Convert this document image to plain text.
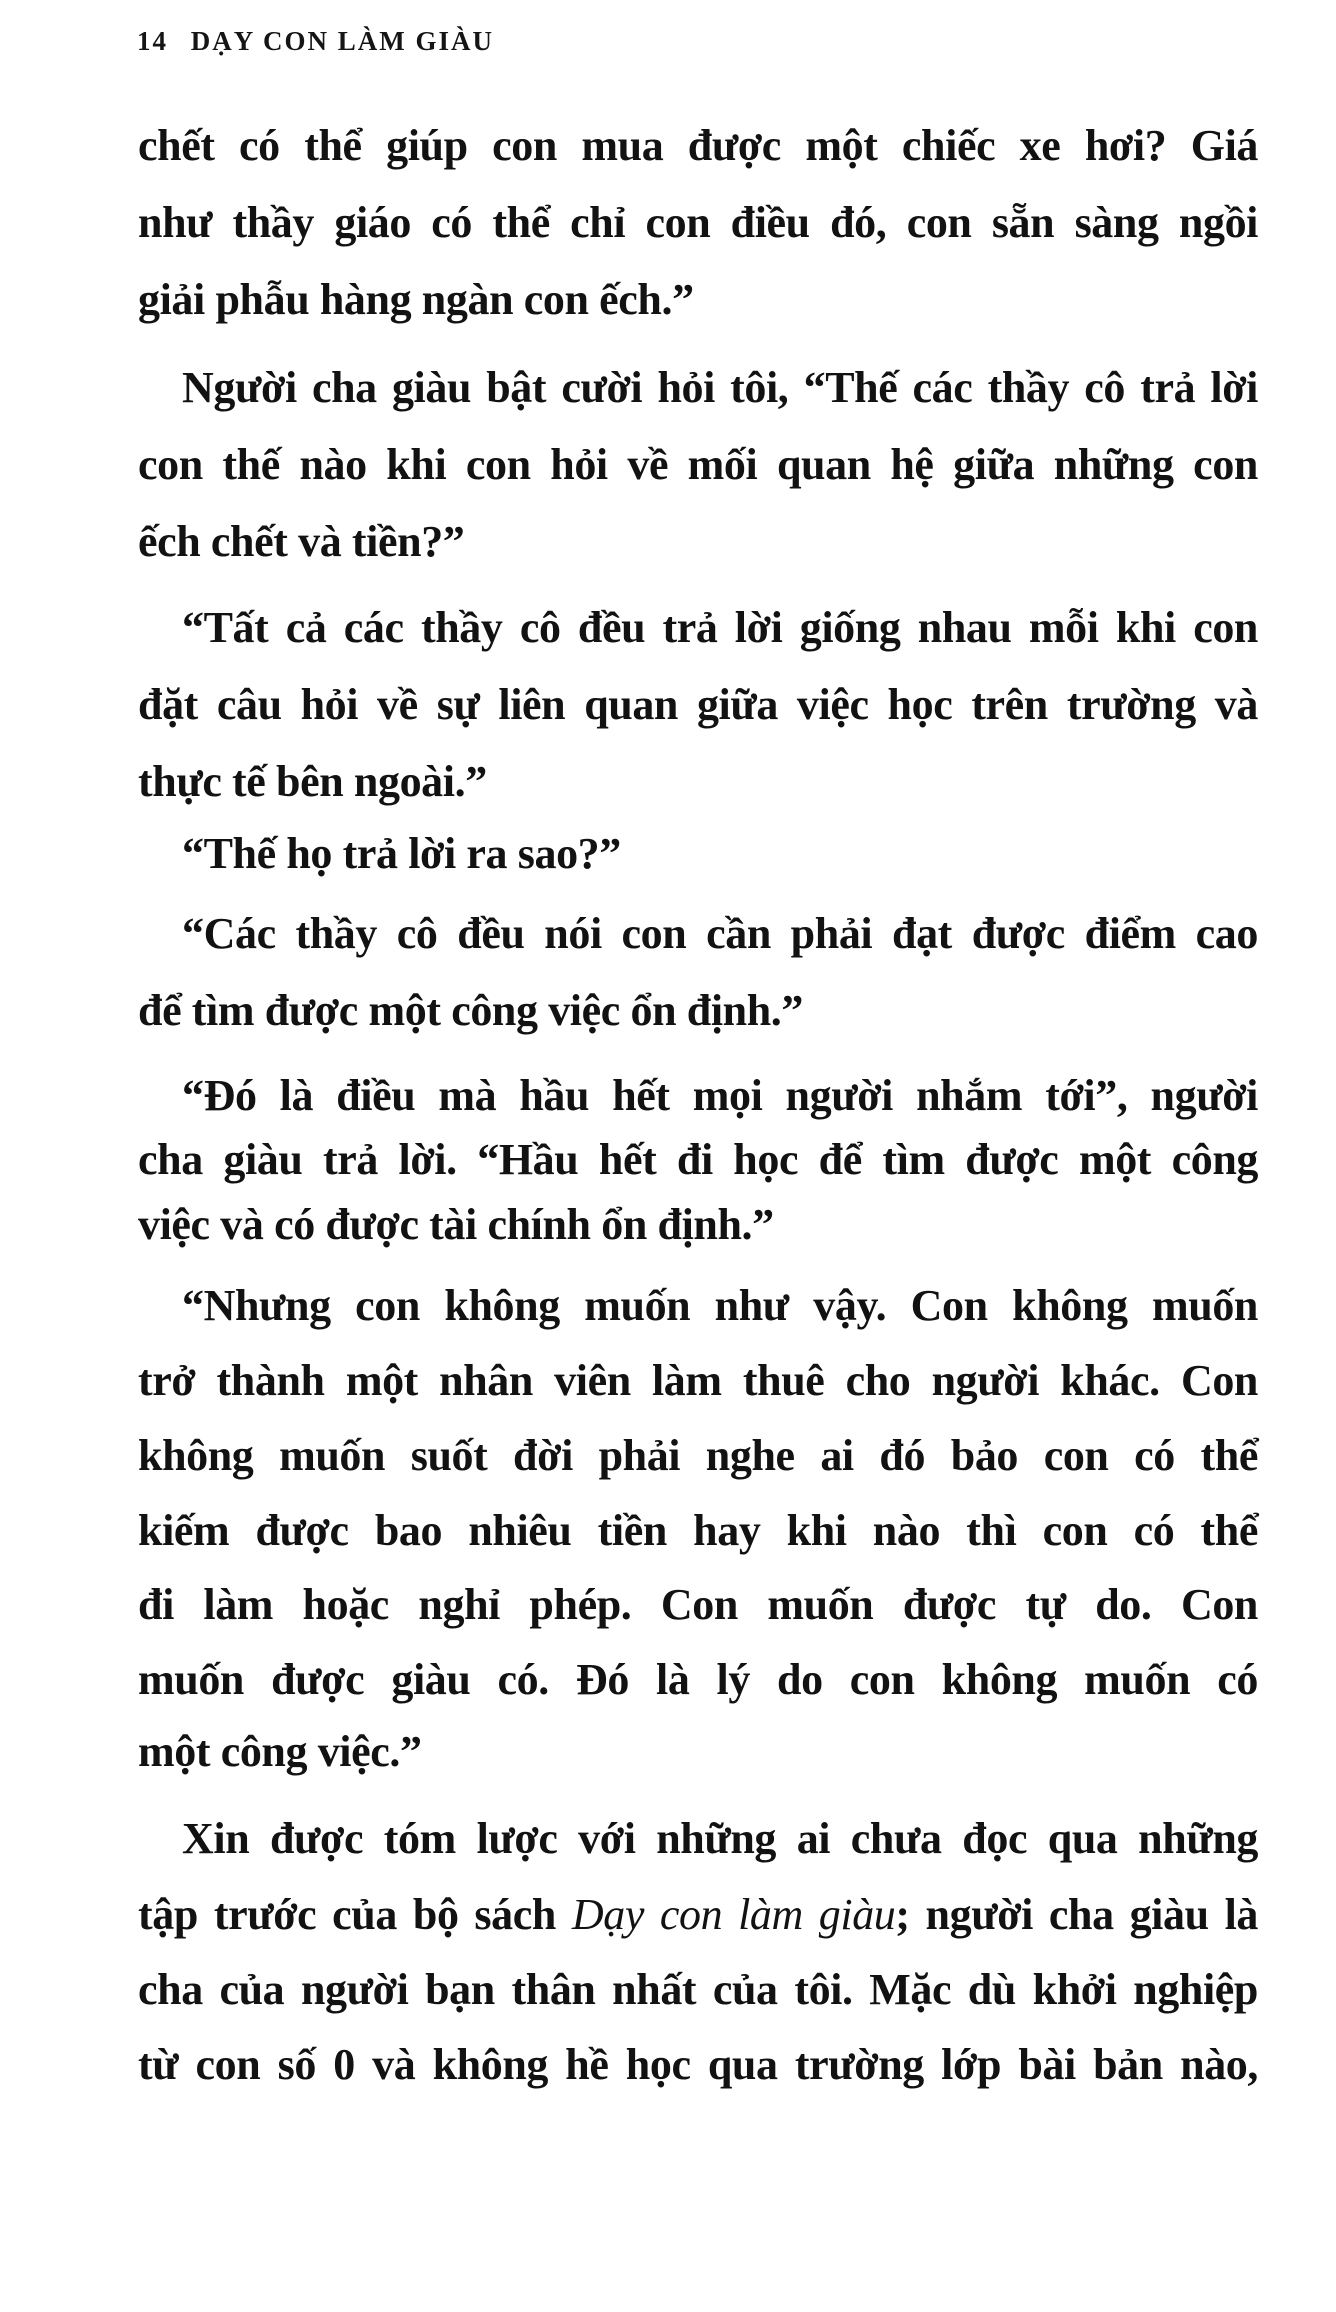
14 DẠY CON LÀM GIÀU
chết có thể giúp con mua được một chiếc xe hơi? Giá
như thầy giáo có thể chỉ con điều đó, con sẵn sàng ngồi
giải phẫu hàng ngàn con ếch.”
Người cha giàu bật cười hỏi tôi, “Thế các thầy cô trả lời
con thế nào khi con hỏi về mối quan hệ giữa những con
ếch chết và tiền?”
“Tất cả các thầy cô đều trả lời giống nhau mỗi khi con
đặt câu hỏi về sự liên quan giữa việc học trên trường và
thực tế bên ngoài.”
“Thế họ trả lời ra sao?”
“Các thầy cô đều nói con cần phải đạt được điểm cao
để tìm được một công việc ổn định.”
“Đó là điều mà hầu hết mọi người nhắm tới”, người
cha giàu trả lời. “Hầu hết đi học để tìm được một công
việc và có được tài chính ổn định.”
“Nhưng con không muốn như vậy. Con không muốn
trở thành một nhân viên làm thuê cho người khác. Con
không muốn suốt đời phải nghe ai đó bảo con có thể
kiếm được bao nhiêu tiền hay khi nào thì con có thể
đi làm hoặc nghỉ phép. Con muốn được tự do. Con
muốn được giàu có. Đó là lý do con không muốn có
một công việc.”
Xin được tóm lược với những ai chưa đọc qua những
tập trước của bộ sách Dạy con làm giàu; người cha giàu là
cha của người bạn thân nhất của tôi. Mặc dù khởi nghiệp
từ con số 0 và không hề học qua trường lớp bài bản nào,
